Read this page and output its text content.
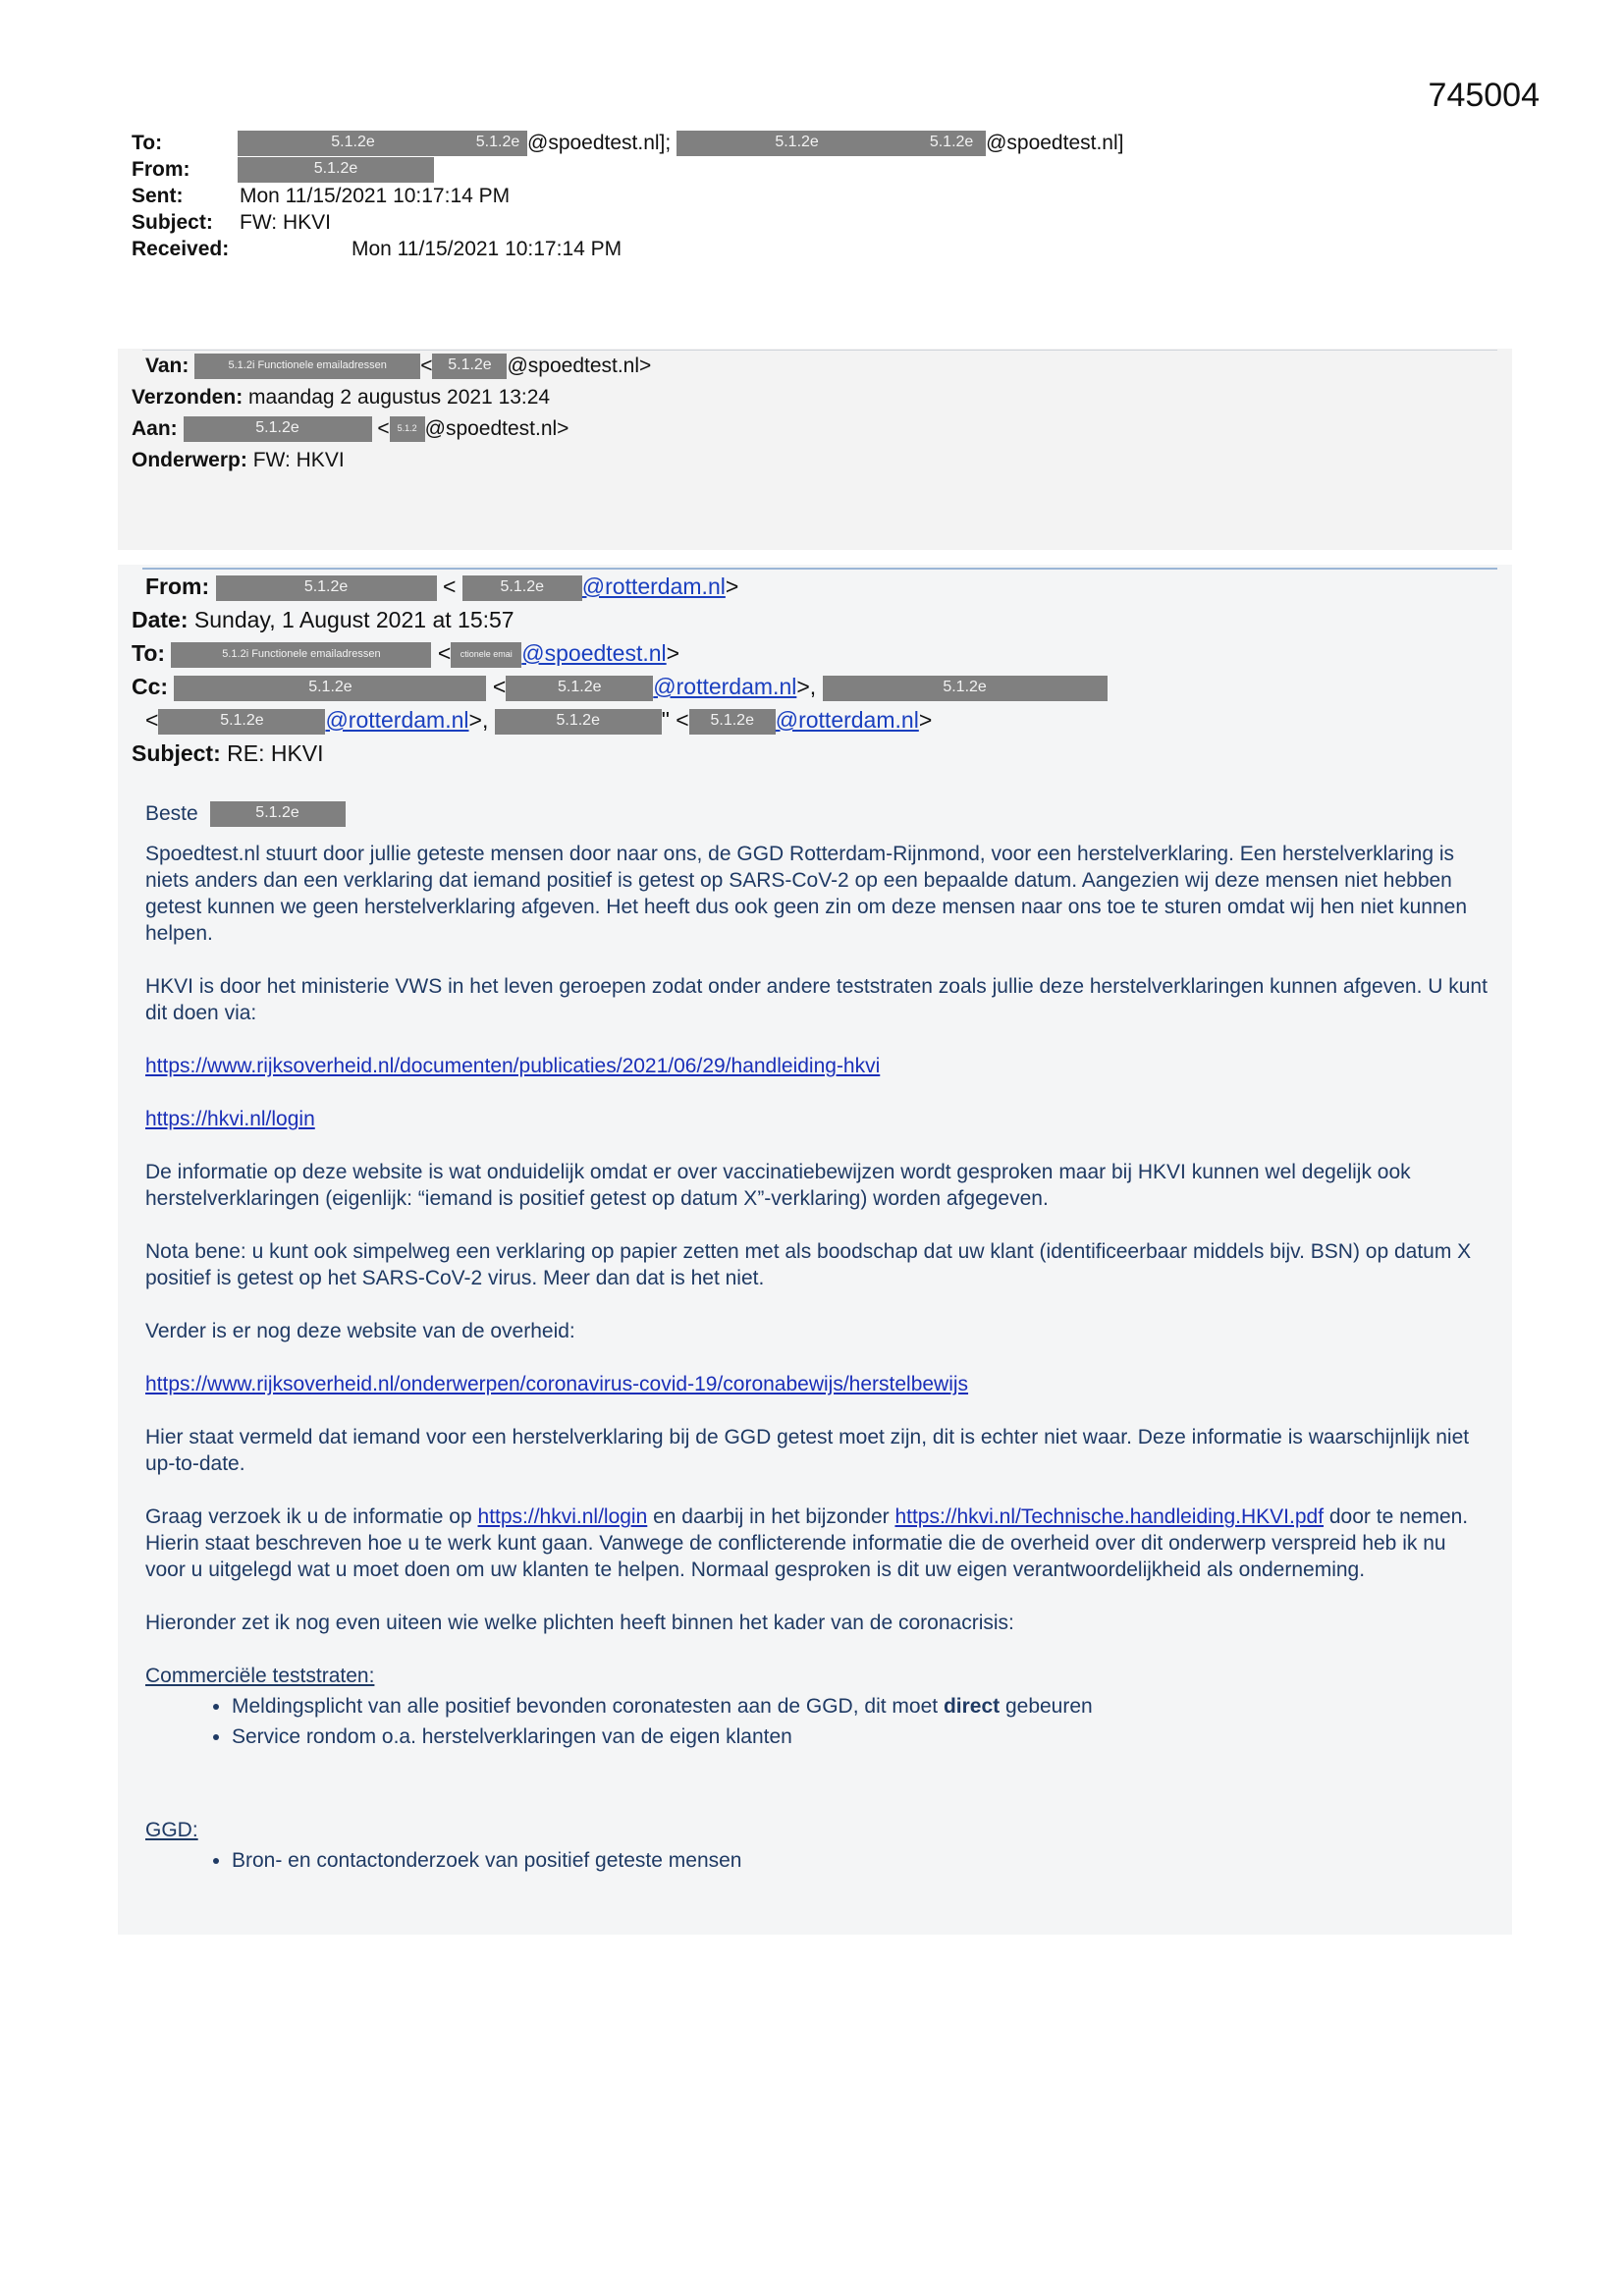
745004
To:	5.1.2e	5.1.2e @spoedtest.nl];	5.1.2e	5.1.2e @spoedtest.nl]
From:	5.1.2e
Sent:	Mon 11/15/2021 10:17:14 PM
Subject: FW: HKVI
Received:	Mon 11/15/2021 10:17:14 PM
Van:	5.1.2i Functionele emailadressen < 5.1.2e @spoedtest.nl>
Verzonden: maandag 2 augustus 2021 13:24
Aan:	5.1.2e	< 5.1.2 @spoedtest.nl>
Onderwerp: FW: HKVI
From:	5.1.2e	<	5.1.2e @rotterdam.nl>
Date: Sunday, 1 August 2021 at 15:57
To:	5.1.2i Functionele emailadressen	< ctionele emai @spoedtest.nl>
Cc:	5.1.2e	<	5.1.2e @rotterdam.nl>,	5.1.2e
<	5.1.2e	@rotterdam.nl>,	5.1.2e	" < 5.1.2e @rotterdam.nl>
Subject: RE: HKVI

Beste	5.1.2e

Spoedtest.nl stuurt door jullie geteste mensen door naar ons, de GGD Rotterdam-Rijnmond, voor een herstelverklaring. Een herstelverklaring is niets anders dan een verklaring dat iemand positief is getest op SARS-CoV-2 op een bepaalde datum. Aangezien wij deze mensen niet hebben getest kunnen we geen herstelverklaring afgeven. Het heeft dus ook geen zin om deze mensen naar ons toe te sturen omdat wij hen niet kunnen helpen.

HKVI is door het ministerie VWS in het leven geroepen zodat onder andere teststraten zoals jullie deze herstelverklaringen kunnen afgeven. U kunt dit doen via:

https://www.rijksoverheid.nl/documenten/publicaties/2021/06/29/handleiding-hkvi

https://hkvi.nl/login

De informatie op deze website is wat onduidelijk omdat er over vaccinatiebewijzen wordt gesproken maar bij HKVI kunnen wel degelijk ook herstelverklaringen (eigenlijk: “iemand is positief getest op datum X”-verklaring) worden afgegeven.

Nota bene: u kunt ook simpelweg een verklaring op papier zetten met als boodschap dat uw klant (identificeerbaar middels bijv. BSN) op datum X positief is getest op het SARS-CoV-2 virus. Meer dan dat is het niet.

Verder is er nog deze website van de overheid:

https://www.rijksoverheid.nl/onderwerpen/coronavirus-covid-19/coronabewijs/herstelbewijs

Hier staat vermeld dat iemand voor een herstelverklaring bij de GGD getest moet zijn, dit is echter niet waar. Deze informatie is waarschijnlijk niet up-to-date.

Graag verzoek ik u de informatie op https://hkvi.nl/login en daarbij in het bijzonder https://hkvi.nl/Technische.handleiding.HKVI.pdf door te nemen. Hierin staat beschreven hoe u te werk kunt gaan. Vanwege de conflicterende informatie die de overheid over dit onderwerp verspreid heb ik nu voor u uitgelegd wat u moet doen om uw klanten te helpen. Normaal gesproken is dit uw eigen verantwoordelijkheid als onderneming.

Hieronder zet ik nog even uiteen wie welke plichten heeft binnen het kader van de coronacrisis:

Commerciële teststraten:

• Meldingsplicht van alle positief bevonden coronatesten aan de GGD, dit moet direct gebeuren
• Service rondom o.a. herstelverklaringen van de eigen klanten

GGD:

• Bron- en contactonderzoek van positief geteste mensen
